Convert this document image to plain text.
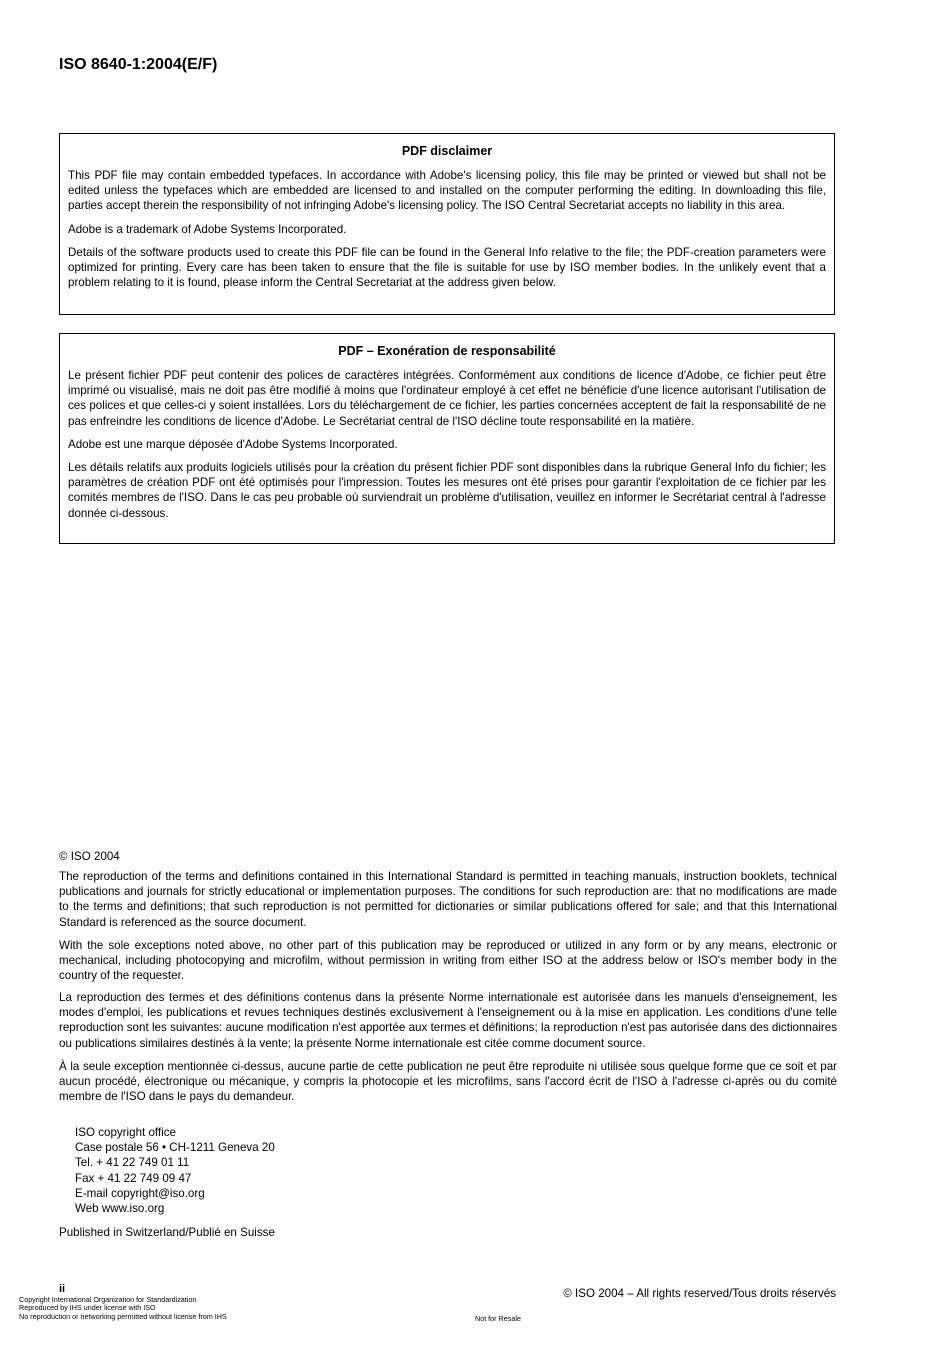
ISO 8640-1:2004(E/F)
PDF disclaimer

This PDF file may contain embedded typefaces. In accordance with Adobe's licensing policy, this file may be printed or viewed but shall not be edited unless the typefaces which are embedded are licensed to and installed on the computer performing the editing. In downloading this file, parties accept therein the responsibility of not infringing Adobe's licensing policy. The ISO Central Secretariat accepts no liability in this area.

Adobe is a trademark of Adobe Systems Incorporated.

Details of the software products used to create this PDF file can be found in the General Info relative to the file; the PDF-creation parameters were optimized for printing. Every care has been taken to ensure that the file is suitable for use by ISO member bodies. In the unlikely event that a problem relating to it is found, please inform the Central Secretariat at the address given below.

PDF – Exonération de responsabilité

Le présent fichier PDF peut contenir des polices de caractères intégrées. Conformément aux conditions de licence d'Adobe, ce fichier peut être imprimé ou visualisé, mais ne doit pas être modifié à moins que l'ordinateur employé à cet effet ne bénéficie d'une licence autorisant l'utilisation de ces polices et que celles-ci y soient installées. Lors du téléchargement de ce fichier, les parties concernées acceptent de fait la responsabilité de ne pas enfreindre les conditions de licence d'Adobe. Le Secrétariat central de l'ISO décline toute responsabilité en la matière.

Adobe est une marque déposée d'Adobe Systems Incorporated.

Les détails relatifs aux produits logiciels utilisés pour la création du présent fichier PDF sont disponibles dans la rubrique General Info du fichier; les paramètres de création PDF ont été optimisés pour l'impression. Toutes les mesures ont été prises pour garantir l'exploitation de ce fichier par les comités membres de l'ISO. Dans le cas peu probable où surviendrait un problème d'utilisation, veuillez en informer le Secrétariat central à l'adresse donnée ci-dessous.

© ISO 2004

The reproduction of the terms and definitions contained in this International Standard is permitted in teaching manuals, instruction booklets, technical publications and journals for strictly educational or implementation purposes. The conditions for such reproduction are: that no modifications are made to the terms and definitions; that such reproduction is not permitted for dictionaries or similar publications offered for sale; and that this International Standard is referenced as the source document.

With the sole exceptions noted above, no other part of this publication may be reproduced or utilized in any form or by any means, electronic or mechanical, including photocopying and microfilm, without permission in writing from either ISO at the address below or ISO's member body in the country of the requester.

La reproduction des termes et des définitions contenus dans la présente Norme internationale est autorisée dans les manuels d'enseignement, les modes d'emploi, les publications et revues techniques destinés exclusivement à l'enseignement ou à la mise en application. Les conditions d'une telle reproduction sont les suivantes: aucune modification n'est apportée aux termes et définitions; la reproduction n'est pas autorisée dans des dictionnaires ou publications similaires destinés à la vente; la présente Norme internationale est citée comme document source.

À la seule exception mentionnée ci-dessus, aucune partie de cette publication ne peut être reproduite ni utilisée sous quelque forme que ce soit et par aucun procédé, électronique ou mécanique, y compris la photocopie et les microfilms, sans l'accord écrit de l'ISO à l'adresse ci-après ou du comité membre de l'ISO dans le pays du demandeur.

ISO copyright office
Case postale 56 • CH-1211 Geneva 20
Tel. + 41 22 749 01 11
Fax + 41 22 749 09 47
E-mail copyright@iso.org
Web www.iso.org
Published in Switzerland/Publié en Suisse
ii	© ISO 2004 – All rights reserved/Tous droits réservés
Copyright International Organization for Standardization
Reproduced by IHS under license with ISO
No reproduction or networking permitted without license from IHS	Not for Resale
